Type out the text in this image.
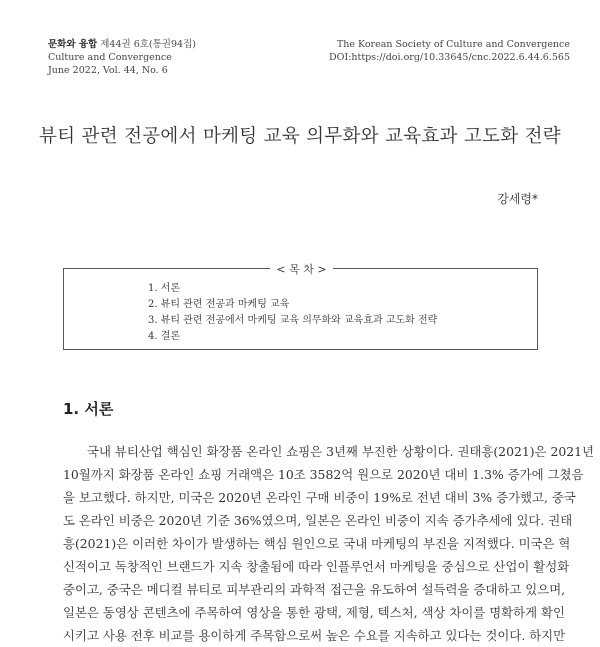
문화와 융합 제44권 6호(통권94집)
Culture and Convergence
June 2022, Vol. 44, No. 6
The Korean Society of Culture and Convergence
DOI:https://doi.org/10.33645/cnc.2022.6.44.6.565
뷰티 관련 전공에서 마케팅 교육 의무화와 교육효과 고도화 전략
강세령*
< 목 차 >
1. 서론
2. 뷰티 관련 전공과 마케팅 교육
3. 뷰티 관련 전공에서 마케팅 교육 의무화와 교육효과 고도화 전략
4. 결론
1. 서론
국내 뷰티산업 핵심인 화장품 온라인 쇼핑은 3년째 부진한 상황이다. 권태흥(2021)은 2021년
10월까지 화장품 온라인 쇼핑 거래액은 10조 3582억 원으로 2020년 대비 1.3% 증가에 그쳤음
을 보고했다. 하지만, 미국은 2020년 온라인 구매 비중이 19%로 전년 대비 3% 증가했고, 중국
도 온라인 비중은 2020년 기준 36%였으며, 일본은 온라인 비중이 지속 증가추세에 있다. 권태
흥(2021)은 이러한 차이가 발생하는 핵심 원인으로 국내 마케팅의 부진을 지적했다. 미국은 혁
신적이고 독창적인 브랜드가 지속 창출됨에 따라 인플루언서 마케팅을 중심으로 산업이 활성화
중이고, 중국은 메디컬 뷰티로 피부관리의 과학적 접근을 유도하여 설득력을 증대하고 있으며,
일본은 동영상 콘텐츠에 주목하여 영상을 통한 광택, 제형, 텍스처, 색상 차이를 명확하게 확인
시키고 사용 전후 비교를 용이하게 주목함으로써 높은 수요를 지속하고 있다는 것이다. 하지만
